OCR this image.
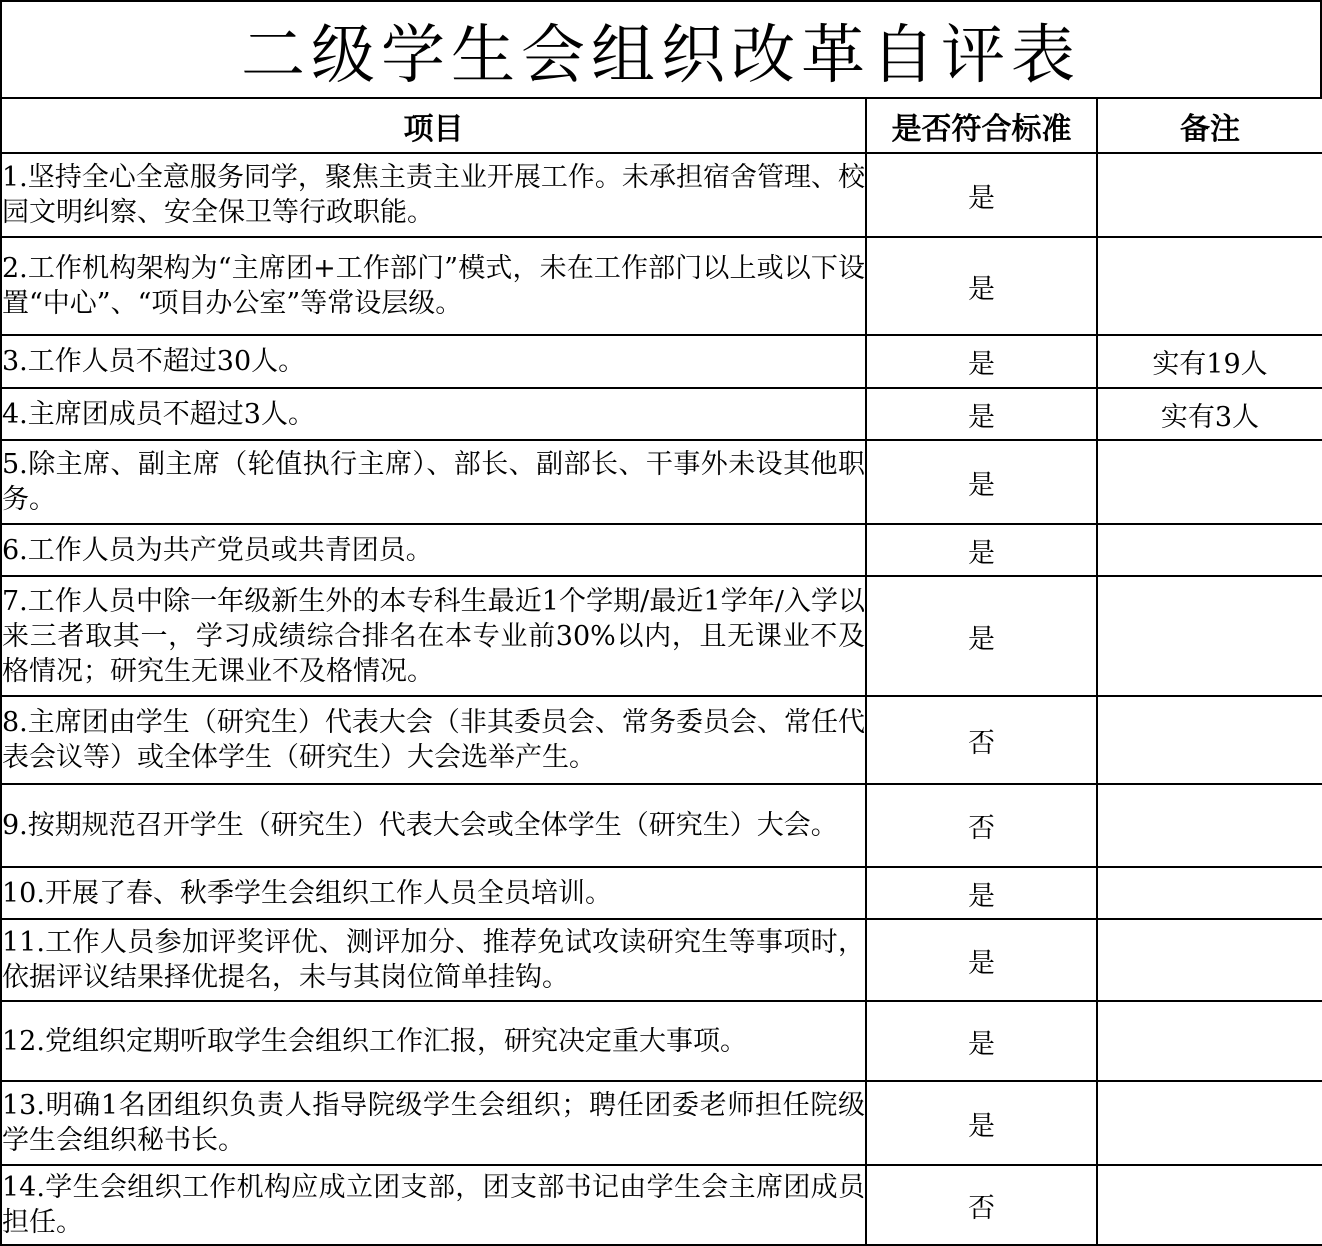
二级学生会组织改革自评表
项目	是否符合标准	备注
1.坚持全心全意服务同学，聚焦主责主业开展工作。未承担宿舍管理、校园文明纠察、安全保卫等行政职能。	是	
2.工作机构架构为“主席团+工作部门”模式，未在工作部门以上或以下设置“中心”、“项目办公室”等常设层级。	是	
3.工作人员不超过30人。	是	实有19人
4.主席团成员不超过3人。	是	实有3人
5.除主席、副主席（轮值执行主席）、部长、副部长、干事外未设其他职务。	是	
6.工作人员为共产党员或共青团员。	是	
7.工作人员中除一年级新生外的本专科生最近1个学期/最近1学年/入学以来三者取其一，学习成绩综合排名在本专业前30%以内，且无课业不及格情况；研究生无课业不及格情况。	是	
8.主席团由学生（研究生）代表大会（非其委员会、常务委员会、常任代表会议等）或全体学生（研究生）大会选举产生。	否	
9.按期规范召开学生（研究生）代表大会或全体学生（研究生）大会。	否	
10.开展了春、秋季学生会组织工作人员全员培训。	是	
11.工作人员参加评奖评优、测评加分、推荐免试攻读研究生等事项时，依据评议结果择优提名，未与其岗位简单挂钩。	是	
12.党组织定期听取学生会组织工作汇报，研究决定重大事项。	是	
13.明确1名团组织负责人指导院级学生会组织；聘任团委老师担任院级学生会组织秘书长。	是	
14.学生会组织工作机构应成立团支部，团支部书记由学生会主席团成员担任。	否	
